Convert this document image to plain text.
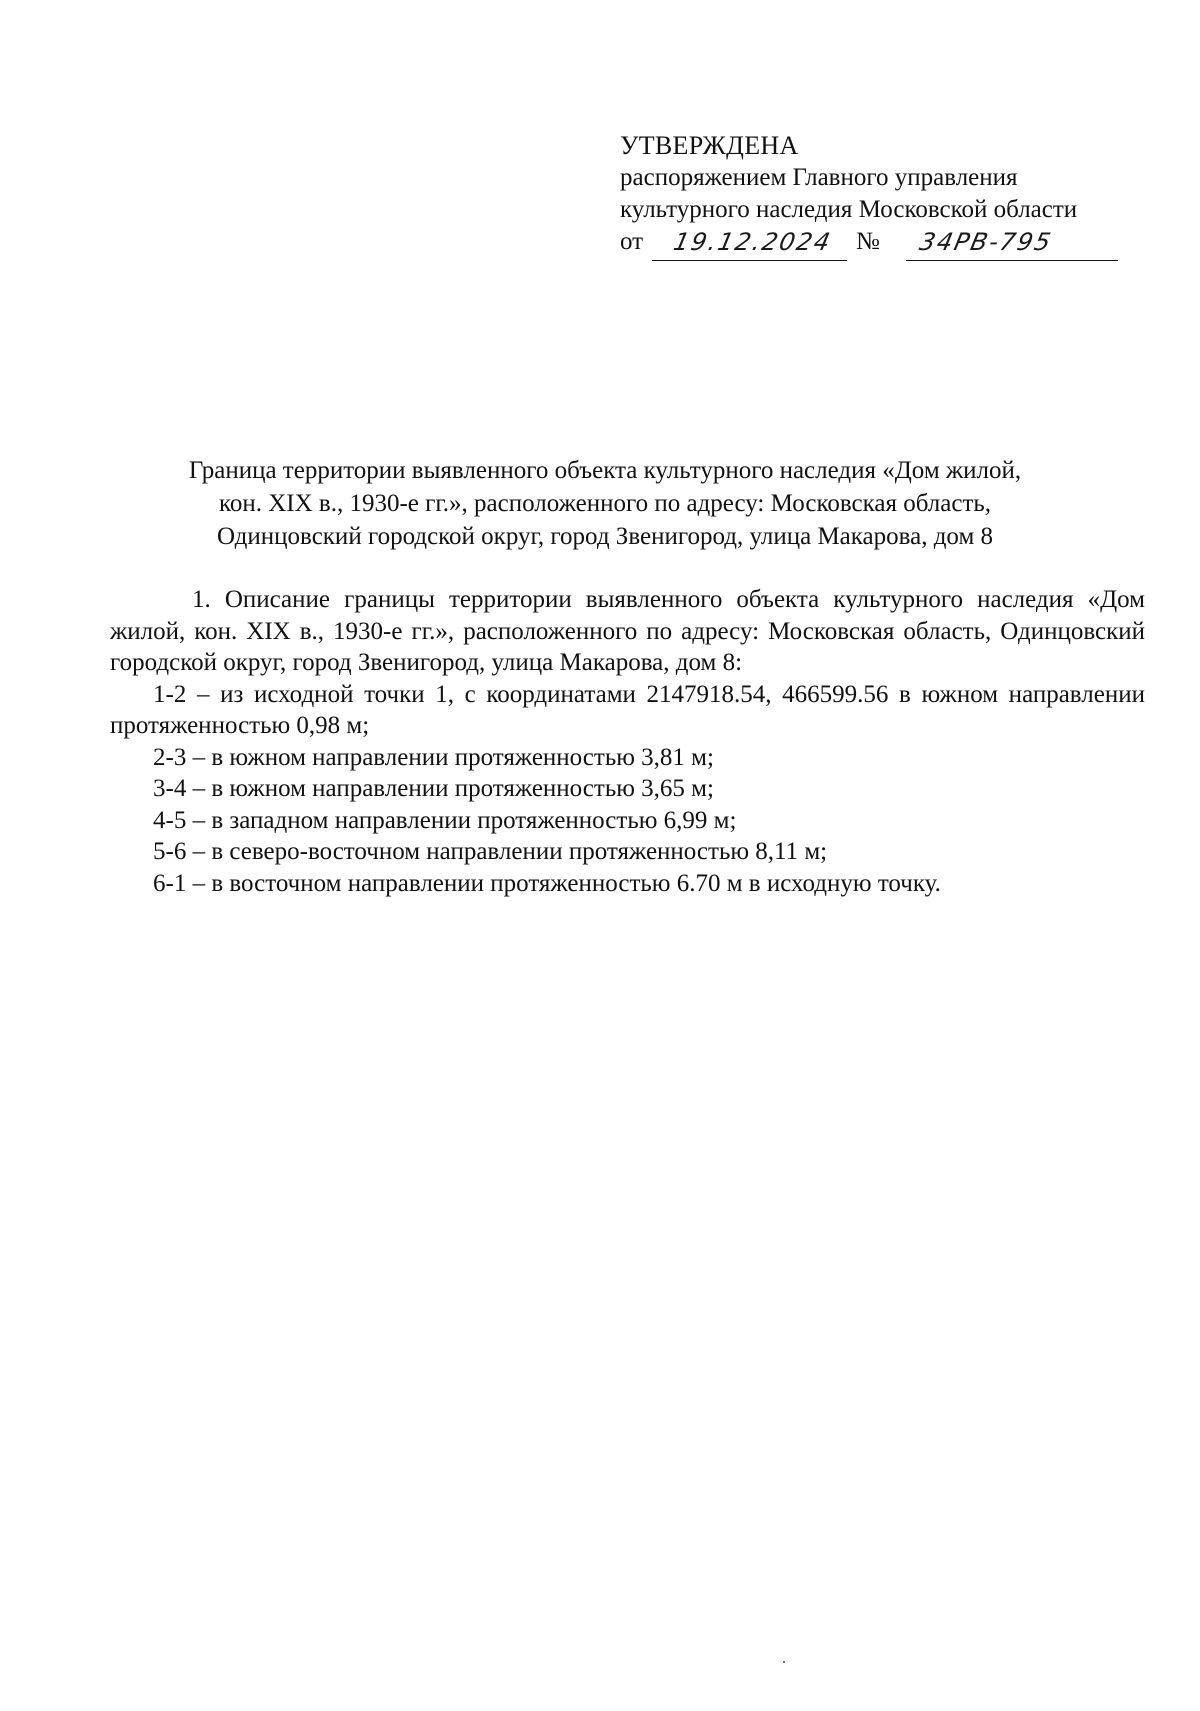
УТВЕРЖДЕНА
распоряжением Главного управления
культурного наследия Московской области
от 19.12.2024 № 34РВ-795
Граница территории выявленного объекта культурного наследия «Дом жилой,
кон. XIX в., 1930-е гг.», расположенного по адресу: Московская область,
Одинцовский городской округ, город Звенигород, улица Макарова, дом 8

1. Описание границы территории выявленного объекта культурного наследия «Дом жилой, кон. XIX в., 1930-е гг.», расположенного по адресу: Московская область, Одинцовский городской округ, город Звенигород, улица Макарова, дом 8:

1-2 – из исходной точки 1, с координатами 2147918.54, 466599.56 в южном направлении протяженностью 0,98 м;

2-3 – в южном направлении протяженностью 3,81 м;

3-4 – в южном направлении протяженностью 3,65 м;

4-5 – в западном направлении протяженностью 6,99 м;

5-6 – в северо-восточном направлении протяженностью 8,11 м;

6-1 – в восточном направлении протяженностью 6.70 м в исходную точку.
